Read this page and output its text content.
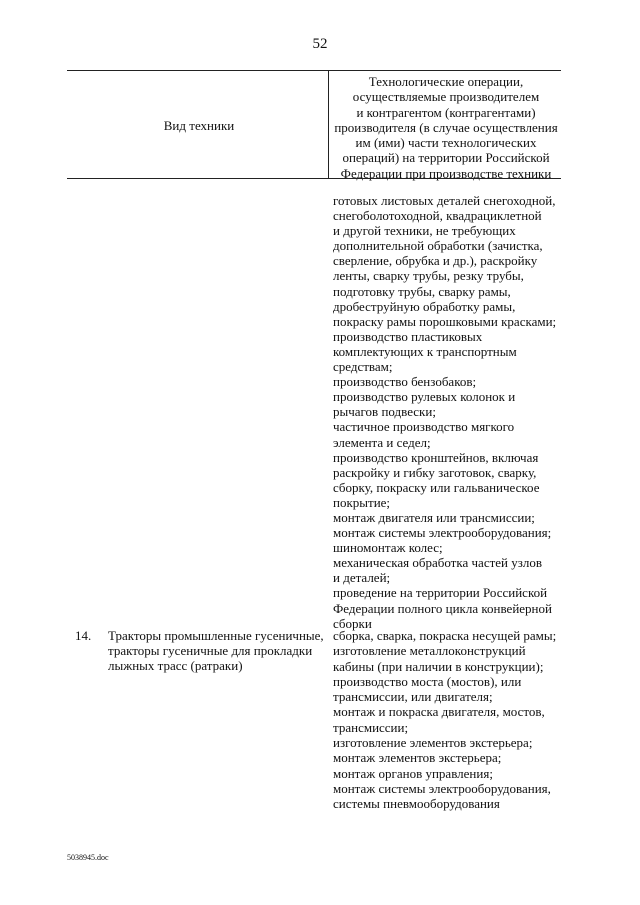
52
Вид техники
Технологические операции,
осуществляемые производителем
и контрагентом (контрагентами)
производителя (в случае осуществления
им (ими) части технологических
операций) на территории Российской
Федерации при производстве техники
готовых листовых деталей снегоходной,
снегоболотоходной, квадрациклетной
и другой техники, не требующих
дополнительной обработки (зачистка,
сверление, обрубка и др.), раскройку
ленты, сварку трубы, резку трубы,
подготовку трубы, сварку рамы,
дробеструйную обработку рамы,
покраску рамы порошковыми красками;
производство пластиковых
комплектующих к транспортным
средствам;
производство бензобаков;
производство рулевых колонок и
рычагов подвески;
частичное производство мягкого
элемента и седел;
производство кронштейнов, включая
раскройку и гибку заготовок, сварку,
сборку, покраску или гальваническое
покрытие;
монтаж двигателя или трансмиссии;
монтаж системы электрооборудования;
шиномонтаж колес;
механическая обработка частей узлов
и деталей;
проведение на территории Российской
Федерации полного цикла конвейерной
сборки
14. Тракторы промышленные гусеничные,
тракторы гусеничные для прокладки
лыжных трасс (ратраки)
сборка, сварка, покраска несущей рамы;
изготовление металлоконструкций
кабины (при наличии в конструкции);
производство моста (мостов), или
трансмиссии, или двигателя;
монтаж и покраска двигателя, мостов,
трансмиссии;
изготовление элементов экстерьера;
монтаж элементов экстерьера;
монтаж органов управления;
монтаж системы электрооборудования,
системы пневмооборудования
5038945.doc
